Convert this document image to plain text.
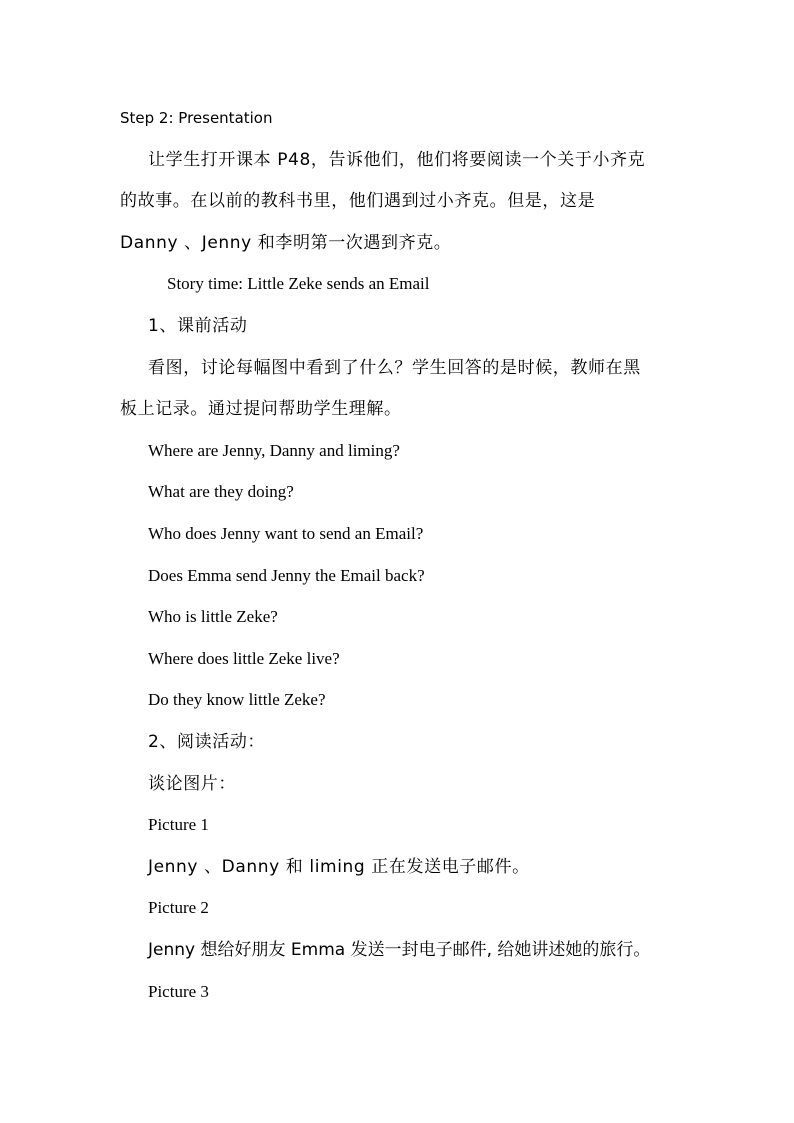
Step 2: Presentation
让学生打开课本 P48，告诉他们，他们将要阅读一个关于小齐克
的故事。在以前的教科书里，他们遇到过小齐克。但是，这是
Danny 、Jenny 和李明第一次遇到齐克。
Story time: Little Zeke sends an Email
1、课前活动
看图，讨论每幅图中看到了什么？学生回答的是时候，教师在黑
板上记录。通过提问帮助学生理解。
Where are Jenny, Danny and liming?
What are they doing?
Who does Jenny want to send an Email?
Does Emma send Jenny the Email back?
Who is little Zeke?
Where does little Zeke live?
Do they know little Zeke?
2、阅读活动：
谈论图片：
Picture 1
Jenny 、Danny 和 liming 正在发送电子邮件。
Picture 2
Jenny 想给好朋友 Emma 发送一封电子邮件, 给她讲述她的旅行。
Picture 3
